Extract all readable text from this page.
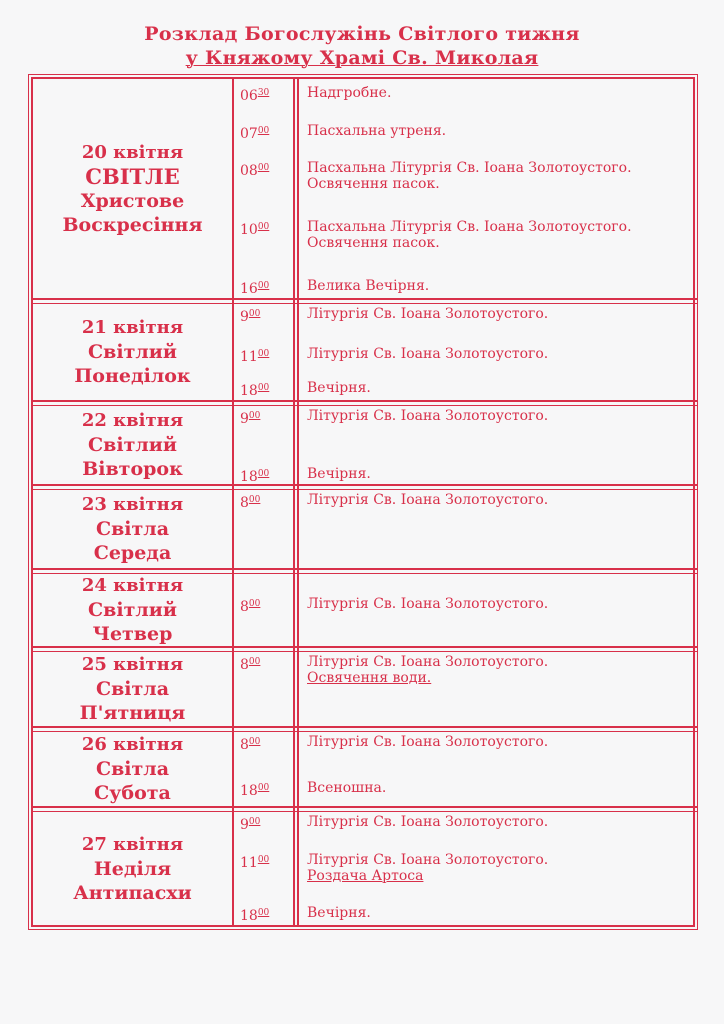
Розклад Богослужінь Світлого тижня
у Княжому Храмі Св. Миколая
20 квітня
СВІТЛЕ
Христове
Воскресіння
$06^{30}$	Надгробне.
$07^{00}$	Пасхальна утреня.
$08^{00}$	Пасхальна Літургія Св. Іоана Золотоустого.
Освячення пасок.
$10^{00}$	Пасхальна Літургія Св. Іоана Золотоустого.
Освячення пасок.
$16^{00}$	Велика Вечірня.
21 квітня
Світлий
Понеділок
$9^{00}$	Літургія Св. Іоана Золотоустого.
$11^{00}$	Літургія Св. Іоана Золотоустого.
$18^{00}$	Вечірня.
22 квітня
Світлий
Вівторок
$9^{00}$	Літургія Св. Іоана Золотоустого.
$18^{00}$	Вечірня.
23 квітня
Світла
Середа
$8^{00}$	Літургія Св. Іоана Золотоустого.
24 квітня
Світлий
Четвер
$8^{00}$	Літургія Св. Іоана Золотоустого.
25 квітня
Світла
П'ятниця
$8^{00}$	Літургія Св. Іоана Золотоустого.
Освячення води.
26 квітня
Світла
Субота
$8^{00}$	Літургія Св. Іоана Золотоустого.
$18^{00}$	Всеношна.
27 квітня
Неділя
Антипасхи
$9^{00}$	Літургія Св. Іоана Золотоустого.
$11^{00}$	Літургія Св. Іоана Золотоустого.
Роздача Артоса
$18^{00}$	Вечірня.
